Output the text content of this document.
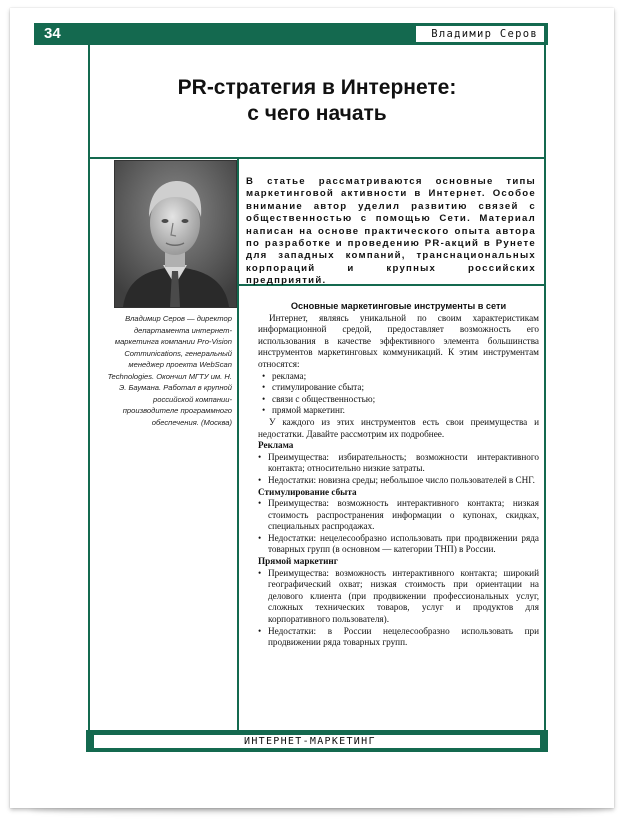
34	Владимир Серов
PR-стратегия в Интернете:
с чего начать
В статье рассматриваются основные типы маркетинговой активности в Интернет. Особое внимание автор уделил развитию связей с общественностью с помощью Сети. Материал написан на основе практического опыта автора по разработке и проведению PR-акций в Рунете для западных компаний, транснациональных корпораций и крупных российских предприятий.
Владимир Серов — директор департамента интернет-маркетинга компании Pro-Vision Communications, генеральный менеджер проекта WebScan Technologies. Окончил МГТУ им. Н. Э. Баумана. Работал в крупной российской компании-производителе программного обеспечения. (Москва)

Основные маркетинговые инструменты в сети

Интернет, являясь уникальной по своим характеристикам информационной средой, предоставляет возможность его использования в качестве эффективного элемента большинства инструментов маркетинговых коммуникаций. К этим инструментам относятся:

• реклама;
• стимулирование сбыта;
• связи с общественностью;
• прямой маркетинг.

У каждого из этих инструментов есть свои преимущества и недостатки. Давайте рассмотрим их подробнее.

Реклама

• Преимущества: избирательность; возможности интерактивного контакта; относительно низкие затраты.
• Недостатки: новизна среды; небольшое число пользователей в СНГ.

Стимулирование сбыта

• Преимущества: возможность интерактивного контакта; низкая стоимость распространения информации о купонах, скидках, специальных распродажах.
• Недостатки: нецелесообразно использовать при продвижении ряда товарных групп (в основном — категории ТНП) в России.

Прямой маркетинг

• Преимущества: возможность интерактивного контакта; широкий географический охват; низкая стоимость при ориентации на делового клиента (при продвижении профессиональных услуг, сложных технических товаров, услуг и продуктов для корпоративного пользователя).
• Недостатки: в России нецелесообразно использовать при продвижении ряда товарных групп.
ИНТЕРНЕТ-МАРКЕТИНГ
